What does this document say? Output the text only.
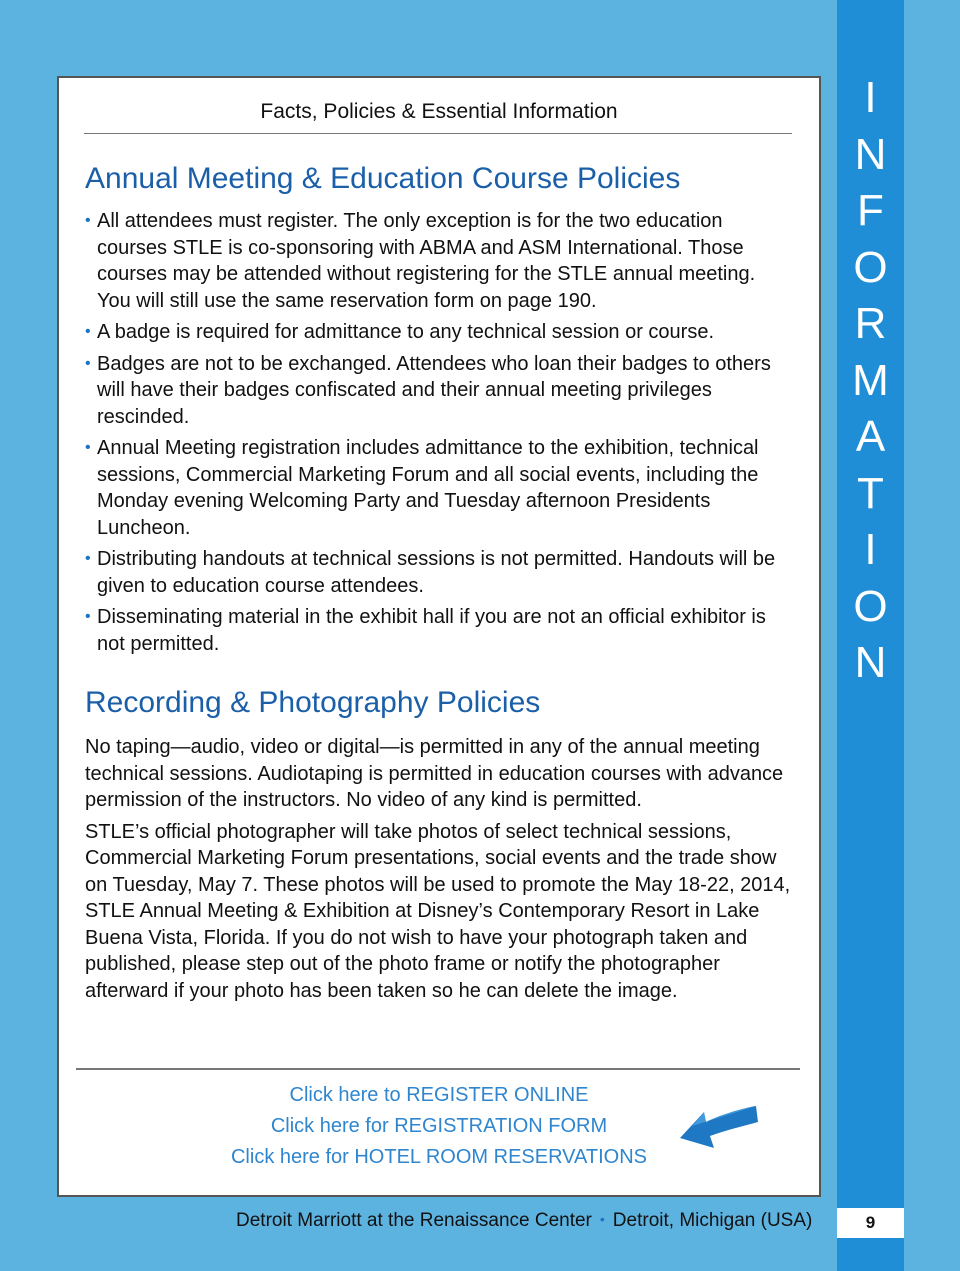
I
N
F
O
R
M
A
T
I
O
N
9
Facts, Policies & Essential Information
Annual Meeting & Education Course Policies
• All attendees must register. The only exception is for the two education courses STLE is co-sponsoring with ABMA and ASM International. Those courses may be attended without registering for the STLE annual meeting. You will still use the same reservation form on page 190.
• A badge is required for admittance to any technical session or course.
• Badges are not to be exchanged. Attendees who loan their badges to others will have their badges confiscated and their annual meeting privileges rescinded.
• Annual Meeting registration includes admittance to the exhibition, technical sessions, Commercial Marketing Forum and all social events, including the Monday evening Welcoming Party and Tuesday afternoon Presidents Luncheon.
• Distributing handouts at technical sessions is not permitted. Handouts will be given to education course attendees.
• Disseminating material in the exhibit hall if you are not an official exhibitor is not permitted.
Recording & Photography Policies

No taping—audio, video or digital—is permitted in any of the annual meeting technical sessions. Audiotaping is permitted in education courses with advance permission of the instructors. No video of any kind is permitted.

STLE’s official photographer will take photos of select technical sessions, Commercial Marketing Forum presentations, social events and the trade show on Tuesday, May 7. These photos will be used to promote the May 18-22, 2014, STLE Annual Meeting & Exhibition at Disney’s Contemporary Resort in Lake Buena Vista, Florida. If you do not wish to have your photograph taken and published, please step out of the photo frame or notify the photographer afterward if your photo has been taken so he can delete the image.

Click here to REGISTER ONLINE
Click here for REGISTRATION FORM
Click here for HOTEL ROOM RESERVATIONS
Detroit Marriott at the Renaissance Center • Detroit, Michigan (USA)
